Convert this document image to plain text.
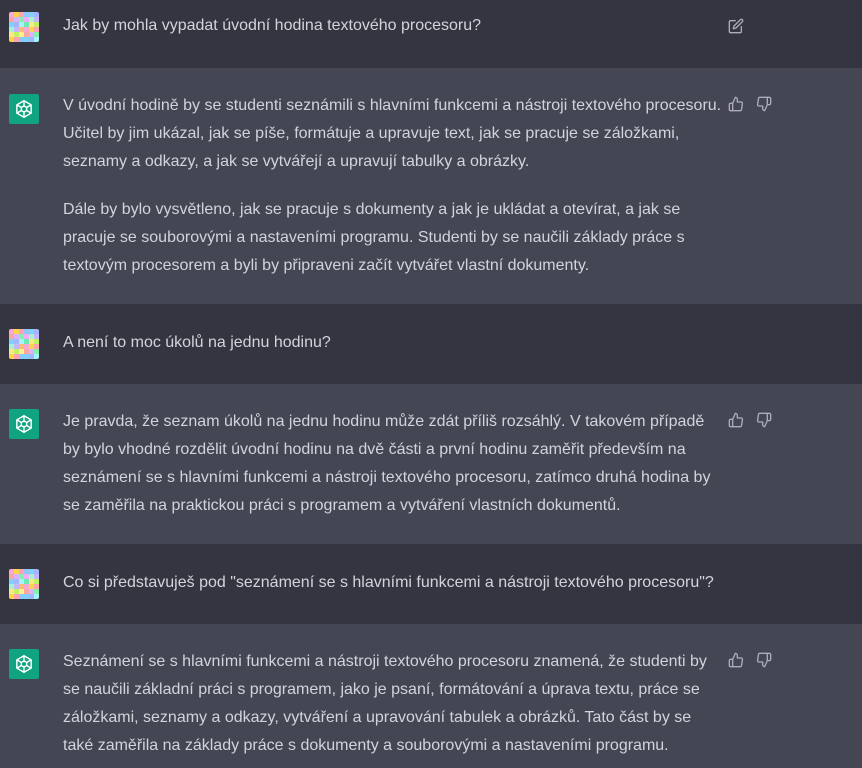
Jak by mohla vypadat úvodní hodina textového procesoru?

V úvodní hodině by se studenti seznámili s hlavními funkcemi a nástroji textového procesoru. Učitel by jim ukázal, jak se píše, formátuje a upravuje text, jak se pracuje se záložkami, seznamy a odkazy, a jak se vytvářejí a upravují tabulky a obrázky.

Dále by bylo vysvětleno, jak se pracuje s dokumenty a jak je ukládat a otevírat, a jak se pracuje se souborovými a nastaveními programu. Studenti by se naučili základy práce s textovým procesorem a byli by připraveni začít vytvářet vlastní dokumenty.

A není to moc úkolů na jednu hodinu?

Je pravda, že seznam úkolů na jednu hodinu může zdát příliš rozsáhlý. V takovém případě by bylo vhodné rozdělit úvodní hodinu na dvě části a první hodinu zaměřit především na seznámení se s hlavními funkcemi a nástroji textového procesoru, zatímco druhá hodina by se zaměřila na praktickou práci s programem a vytváření vlastních dokumentů.

Co si představuješ pod "seznámení se s hlavními funkcemi a nástroji textového procesoru"?

Seznámení se s hlavními funkcemi a nástroji textového procesoru znamená, že studenti by se naučili základní práci s programem, jako je psaní, formátování a úprava textu, práce se záložkami, seznamy a odkazy, vytváření a upravování tabulek a obrázků. Tato část by se také zaměřila na základy práce s dokumenty a souborovými a nastaveními programu.
